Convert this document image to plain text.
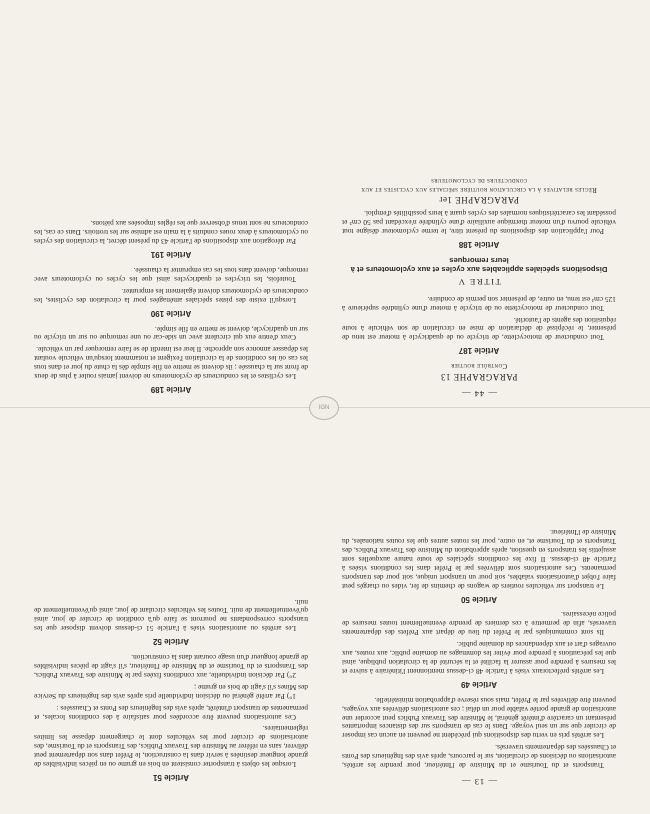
— 44 —
PARAGRAPHE 13
Contrôle routier
Article 187

Tout conducteur de motocyclette, de tricycle ou de quadricycle à moteur est tenu de présenter, le récépissé de déclaration de mise en circulation de son véhicule à toute réquisition des agents de l'autorité.

Tout conducteur de motocyclette ou de tricycle à moteur d'une cylindrée supérieure à 125 cm³ est tenu, en outre, de présenter son permis de conduire.

TITRE V
Dispositions spéciales applicables aux cycles et aux cyclomoteurs et à leurs remorques
Article 188

Pour l'application des dispositions du présent titre, le terme cyclomoteur désigne tout véhicule pourvu d'un moteur thermique auxiliaire d'une cylindrée n'excédant pas 50 cm³ et possédant les caractéristiques normales des cycles quant à leurs possibilités d'emploi.

PARAGRAPHE 1er
Règles relatives à la circulation routière spéciales aux cyclistes et aux conducteurs de cyclomoteurs
Article 189

Les cyclistes et les conducteurs de cyclomoteurs ne doivent jamais rouler à plus de deux de front sur la chaussée ; ils doivent se mettre en file simple dès la chute du jour et dans tous les cas où les conditions de la circulation l'exigent et notamment lorsqu'un véhicule voulant les dépasser annonce son approche. Il leur est interdit de se faire remorquer par un véhicule.

Ceux d'entre eux qui circulent avec un side-car ou une remorque ou sur un tricycle ou sur un quadricycle, doivent se mettre en file simple.

Article 190

Lorsqu'il existe des pistes spéciales aménagées pour la circulation des cyclistes, les conducteurs de cyclomoteurs doivent également les emprunter.

Toutefois, les tricycles et quadricycles ainsi que les cycles ou cyclomoteurs avec remorque, doivent dans tous les cas emprunter la chaussée.

Article 191

Par dérogation aux dispositions de l'article 43 du présent décret, la circulation des cycles ou cyclomoteurs à deux roues conduits à la main est admise sur les trottoirs. Dans ce cas, les conducteurs ne sont tenus d'observer que les règles imposées aux piétons.

IGN
— 13 —

Transports et du Tourisme et du Ministre de l'Intérieur, pour prendre les arrêtés, autorisations ou décisions de circulation, sur le parcours, après avis des Ingénieurs des Ponts et Chaussées des départements traversés.

Les arrêtés pris en vertu des dispositions qui précèdent ne peuvent en aucun cas imposer de circuler que sur un seul voyage. Dans le cas de transports sur des distances importantes présentant un caractère d'intérêt général, le Ministre des Travaux Publics peut accorder une autorisation de grande portée valable pour un délai ; ces autorisations délivrées aux voyages, peuvent être délivrées par le Préfet, mais sous réserve d'approbation ministérielle.

Article 49

Les arrêtés préfectoraux visés à l'article 48 ci-dessus mentionnent l'itinéraire à suivre et les mesures à prendre pour assurer la facilité et la sécurité de la circulation publique, ainsi que les précautions à prendre pour éviter les dommages au domaine public, aux routes, aux ouvrages d'art et aux dépendances du domaine public.

Ils sont communiqués par le Préfet du lieu de départ aux Préfets des départements traversés, afin de permettre à ces derniers de prendre éventuellement toutes mesures de police nécessaires.

Article 50

Le transport sur véhicules routiers de wagons de chemins de fer, vides ou chargés peut faire l'objet d'autorisations valables, soit pour un transport unique, soit pour des transports permanents. Ces autorisations sont délivrées par le Préfet dans les conditions visées à l'article 48 ci-dessus. Il fixe les conditions spéciales de toute nature auxquelles sont assujettis les transports en question, après approbation du Ministre des Travaux Publics, des Transports et du Tourisme et, en outre, pour les routes autres que les routes nationales, du Ministre de l'Intérieur.

Article 51

Lorsque les objets à transporter consistent en bois en grume ou en pièces indivisibles de grande longueur destinées à servir dans la construction, le Préfet dans son département peut délivrer, sans en référer au Ministre des Travaux Publics, des Transports et du Tourisme, des autorisations de circuler pour les véhicules dont le chargement dépasse les limites réglementaires.

Ces autorisations peuvent être accordées pour satisfaire à des conditions locales, et permanentes de transport d'intérêt, après avis des Ingénieurs des Ponts et Chaussées :

1°) Par arrêté général ou décision individuelle pris après avis des Ingénieurs du Service des Mines s'il s'agit de bois en grume ;

2°) Par décision individuelle, aux conditions fixées par le Ministre des Travaux Publics, des Transports et du Tourisme et du Ministre de l'Intérieur, s'il s'agit de pièces indivisibles de grande longueur d'un usage courant dans la construction.

Article 52

Les arrêtés ou autorisations visés à l'article 51 ci-dessus doivent disposer que les transports correspondants ne pourront se faire qu'à condition de circuler de jour, ainsi qu'éventuellement de nuit. Toutes les véhicules circulant de jour, ainsi qu'éventuellement de nuit.
